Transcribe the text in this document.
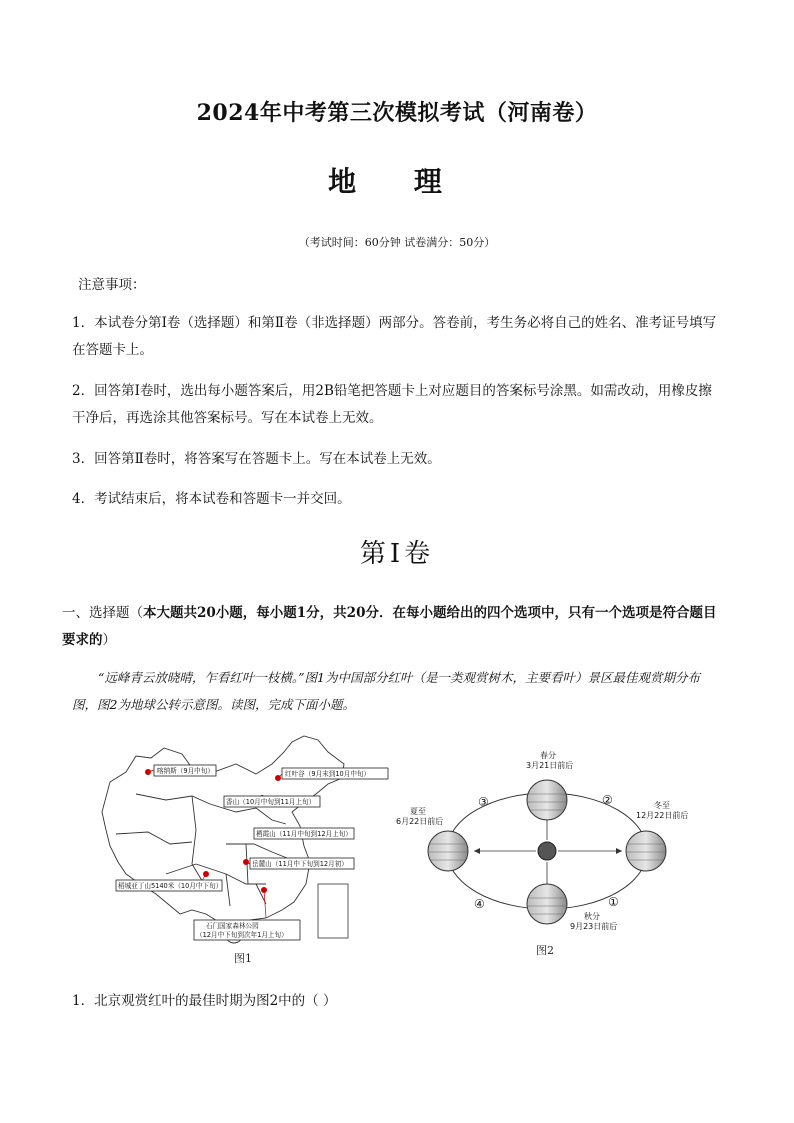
2024年中考第三次模拟考试（河南卷）
地 理
（考试时间：60分钟 试卷满分：50分）
注意事项：
1．本试卷分第Ⅰ卷（选择题）和第Ⅱ卷（非选择题）两部分。答卷前，考生务必将自己的姓名、准考证号填写在答题卡上。
2．回答第Ⅰ卷时，选出每小题答案后，用2B铅笔把答题卡上对应题目的答案标号涂黑。如需改动，用橡皮擦干净后，再选涂其他答案标号。写在本试卷上无效。
3．回答第Ⅱ卷时，将答案写在答题卡上。写在本试卷上无效。
4．考试结束后，将本试卷和答题卡一并交回。
第Ⅰ卷
一、选择题（本大题共20小题，每小题1分，共20分．在每小题给出的四个选项中，只有一个选项是符合题目要求的）
“远峰青云放晓晴，乍看红叶一枝横。”图1为中国部分红叶（是一类观赏树木，主要看叶）景区最佳观赏期分布图，图2为地球公转示意图。读图，完成下面小题。
喀纳斯（9月中旬）	红叶谷（9月末到10月中旬）
香山（10月中旬到11月上旬）
栖霞山（11月中旬到12月上旬）
岳麓山（11月中下旬到12月初）
稻城亚丁山5140米（10月中下旬）
石门国家森林公园
（12月中下旬到次年1月上旬）
图1
春分
3月21日前后
夏至
6月22日前后
冬至
12月22日前后
秋分
9月23日前后
③	②
④	①
图2
1．北京观赏红叶的最佳时期为图2中的（ ）
